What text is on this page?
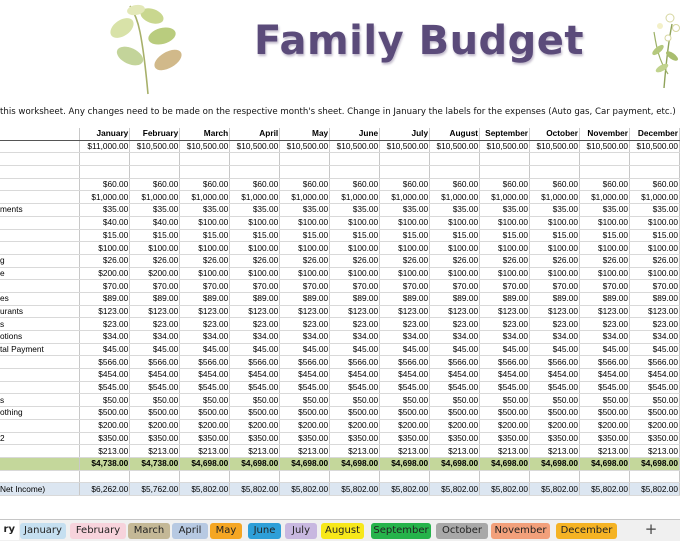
Family Budget
this worksheet. Any changes need to be made on the respective month's sheet. Change in January the labels for the expenses (Auto gas, Car payment, etc.)
	January	February	March	April	May	June	July	August	September	October	November	December
	$11,000.00	$10,500.00	$10,500.00	$10,500.00	$10,500.00	$10,500.00	$10,500.00	$10,500.00	$10,500.00	$10,500.00	$10,500.00	$10,500.00

	$60.00	$60.00	$60.00	$60.00	$60.00	$60.00	$60.00	$60.00	$60.00	$60.00	$60.00	$60.00
	$1,000.00	$1,000.00	$1,000.00	$1,000.00	$1,000.00	$1,000.00	$1,000.00	$1,000.00	$1,000.00	$1,000.00	$1,000.00	$1,000.00
ments	$35.00	$35.00	$35.00	$35.00	$35.00	$35.00	$35.00	$35.00	$35.00	$35.00	$35.00	$35.00
	$40.00	$40.00	$100.00	$100.00	$100.00	$100.00	$100.00	$100.00	$100.00	$100.00	$100.00	$100.00
	$15.00	$15.00	$15.00	$15.00	$15.00	$15.00	$15.00	$15.00	$15.00	$15.00	$15.00	$15.00
	$100.00	$100.00	$100.00	$100.00	$100.00	$100.00	$100.00	$100.00	$100.00	$100.00	$100.00	$100.00
g	$26.00	$26.00	$26.00	$26.00	$26.00	$26.00	$26.00	$26.00	$26.00	$26.00	$26.00	$26.00
e	$200.00	$200.00	$100.00	$100.00	$100.00	$100.00	$100.00	$100.00	$100.00	$100.00	$100.00	$100.00
	$70.00	$70.00	$70.00	$70.00	$70.00	$70.00	$70.00	$70.00	$70.00	$70.00	$70.00	$70.00
es	$89.00	$89.00	$89.00	$89.00	$89.00	$89.00	$89.00	$89.00	$89.00	$89.00	$89.00	$89.00
urants	$123.00	$123.00	$123.00	$123.00	$123.00	$123.00	$123.00	$123.00	$123.00	$123.00	$123.00	$123.00
s	$23.00	$23.00	$23.00	$23.00	$23.00	$23.00	$23.00	$23.00	$23.00	$23.00	$23.00	$23.00
otions	$34.00	$34.00	$34.00	$34.00	$34.00	$34.00	$34.00	$34.00	$34.00	$34.00	$34.00	$34.00
tal Payment	$45.00	$45.00	$45.00	$45.00	$45.00	$45.00	$45.00	$45.00	$45.00	$45.00	$45.00	$45.00
	$566.00	$566.00	$566.00	$566.00	$566.00	$566.00	$566.00	$566.00	$566.00	$566.00	$566.00	$566.00
	$454.00	$454.00	$454.00	$454.00	$454.00	$454.00	$454.00	$454.00	$454.00	$454.00	$454.00	$454.00
	$545.00	$545.00	$545.00	$545.00	$545.00	$545.00	$545.00	$545.00	$545.00	$545.00	$545.00	$545.00
s	$50.00	$50.00	$50.00	$50.00	$50.00	$50.00	$50.00	$50.00	$50.00	$50.00	$50.00	$50.00
othing	$500.00	$500.00	$500.00	$500.00	$500.00	$500.00	$500.00	$500.00	$500.00	$500.00	$500.00	$500.00
	$200.00	$200.00	$200.00	$200.00	$200.00	$200.00	$200.00	$200.00	$200.00	$200.00	$200.00	$200.00
2	$350.00	$350.00	$350.00	$350.00	$350.00	$350.00	$350.00	$350.00	$350.00	$350.00	$350.00	$350.00
	$213.00	$213.00	$213.00	$213.00	$213.00	$213.00	$213.00	$213.00	$213.00	$213.00	$213.00	$213.00
	$4,738.00	$4,738.00	$4,698.00	$4,698.00	$4,698.00	$4,698.00	$4,698.00	$4,698.00	$4,698.00	$4,698.00	$4,698.00	$4,698.00

Net Income)	$6,262.00	$5,762.00	$5,802.00	$5,802.00	$5,802.00	$5,802.00	$5,802.00	$5,802.00	$5,802.00	$5,802.00	$5,802.00	$5,802.00
ry January	February	March	April	May	June	July	August	September	October	November	December	+
